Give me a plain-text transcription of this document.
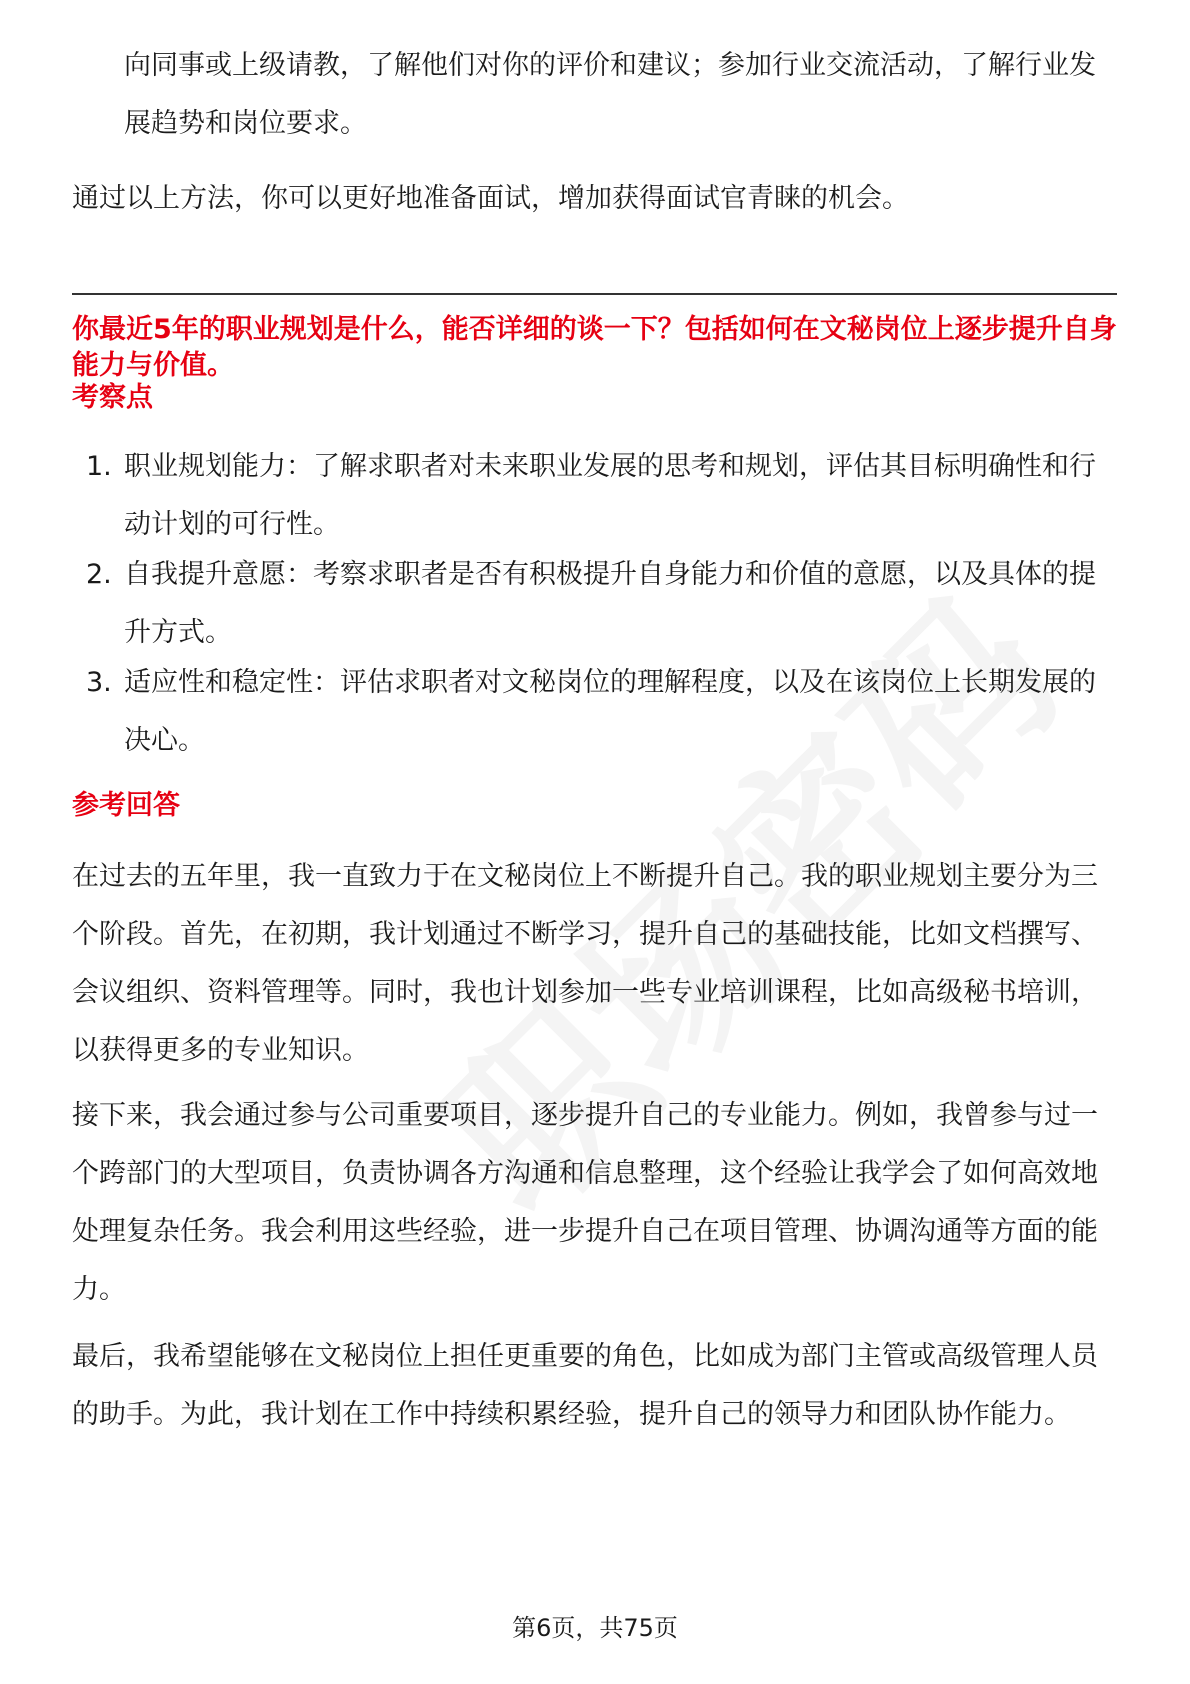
向同事或上级请教，了解他们对你的评价和建议；参加行业交流活动，了解行业发展趋势和岗位要求。

通过以上方法，你可以更好地准备面试，增加获得面试官青睐的机会。

你最近5年的职业规划是什么，能否详细的谈一下？包括如何在文秘岗位上逐步提升自身能力与价值。

考察点

1. 职业规划能力：了解求职者对未来职业发展的思考和规划，评估其目标明确性和行动计划的可行性。

2. 自我提升意愿：考察求职者是否有积极提升自身能力和价值的意愿，以及具体的提升方式。

3. 适应性和稳定性：评估求职者对文秘岗位的理解程度，以及在该岗位上长期发展的决心。

参考回答

在过去的五年里，我一直致力于在文秘岗位上不断提升自己。我的职业规划主要分为三个阶段。首先，在初期，我计划通过不断学习，提升自己的基础技能，比如文档撰写、会议组织、资料管理等。同时，我也计划参加一些专业培训课程，比如高级秘书培训，以获得更多的专业知识。

接下来，我会通过参与公司重要项目，逐步提升自己的专业能力。例如，我曾参与过一个跨部门的大型项目，负责协调各方沟通和信息整理，这个经验让我学会了如何高效地处理复杂任务。我会利用这些经验，进一步提升自己在项目管理、协调沟通等方面的能力。

最后，我希望能够在文秘岗位上担任更重要的角色，比如成为部门主管或高级管理人员的助手。为此，我计划在工作中持续积累经验，提升自己的领导力和团队协作能力。

第6页，共75页
